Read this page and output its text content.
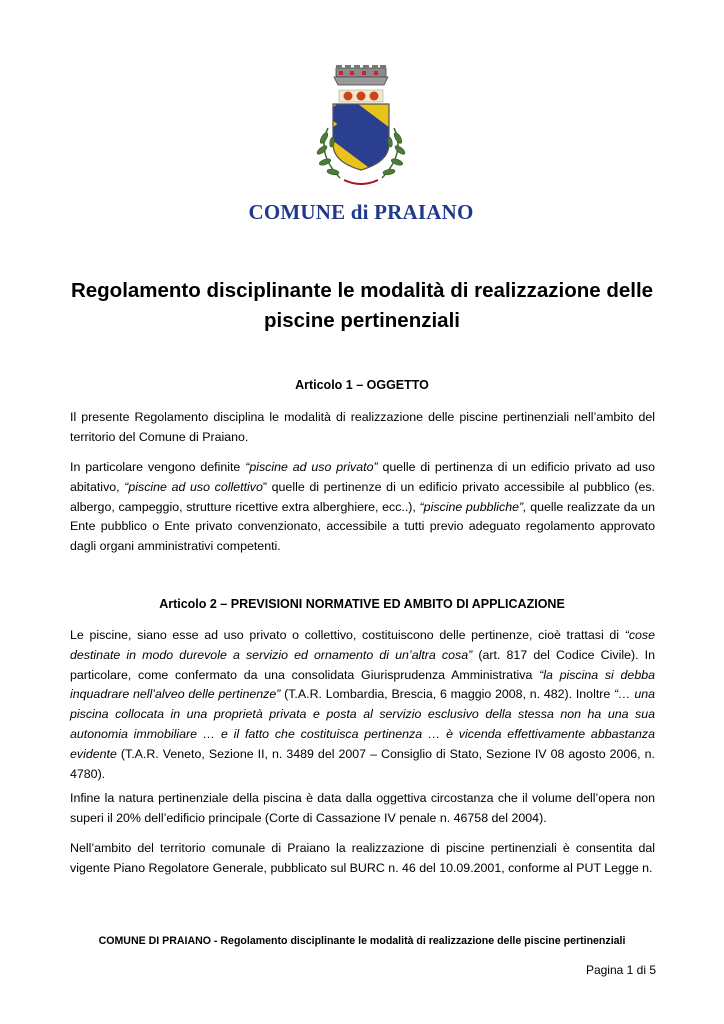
COMUNE di PRAIANO
Regolamento disciplinante le modalità di realizzazione delle piscine pertinenziali
Articolo 1 – OGGETTO

Il presente Regolamento disciplina le modalità di realizzazione delle piscine pertinenziali nell’ambito del territorio del Comune di Praiano.

In particolare vengono definite “piscine ad uso privato” quelle di pertinenza di un edificio privato ad uso abitativo, “piscine ad uso collettivo” quelle di pertinenze di un edificio privato accessibile al pubblico (es. albergo, campeggio, strutture ricettive extra alberghiere, ecc..), “piscine pubbliche”, quelle realizzate da un Ente pubblico o Ente privato convenzionato, accessibile a tutti previo adeguato regolamento approvato dagli organi amministrativi competenti.

Articolo 2 – PREVISIONI NORMATIVE ED AMBITO DI APPLICAZIONE

Le piscine, siano esse ad uso privato o collettivo, costituiscono delle pertinenze, cioè trattasi di “cose destinate in modo durevole a servizio ed ornamento di un’altra cosa” (art. 817 del Codice Civile). In particolare, come confermato da una consolidata Giurisprudenza Amministrativa “la piscina si debba inquadrare nell’alveo delle pertinenze” (T.A.R. Lombardia, Brescia, 6 maggio 2008, n. 482). Inoltre “… una piscina collocata in una proprietà privata e posta al servizio esclusivo della stessa non ha una sua autonomia immobiliare … e il fatto che costituisca pertinenza … è vicenda effettivamente abbastanza evidente (T.A.R. Veneto, Sezione II, n. 3489 del 2007 – Consiglio di Stato, Sezione IV 08 agosto 2006, n. 4780).

Infine la natura pertinenziale della piscina è data dalla oggettiva circostanza che il volume dell’opera non superi il 20% dell’edificio principale (Corte di Cassazione IV penale n. 46758 del 2004).

Nell’ambito del territorio comunale di Praiano la realizzazione di piscine pertinenziali è consentita dal vigente Piano Regolatore Generale, pubblicato sul BURC n. 46 del 10.09.2001, conforme al PUT Legge n.

COMUNE DI PRAIANO - Regolamento disciplinante le modalità di realizzazione delle piscine pertinenziali

Pagina 1 di 5
